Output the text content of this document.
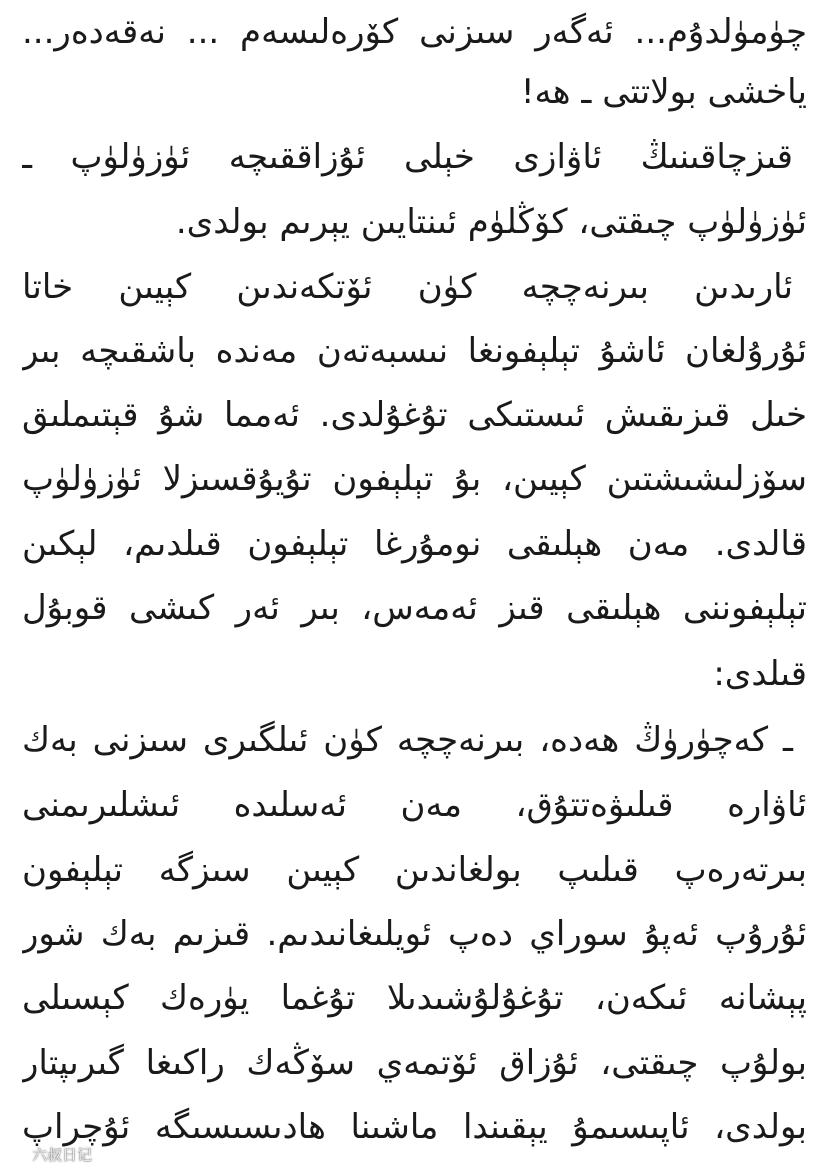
چۈمۈلدۇم... ئەگەر سىزنى كۆرەلىسەم ... نەقەدەر...
ياخشى بولاتتى ـ ھە!
قىزچاقىنىڭ ئاۋازى خېلى ئۇزاققىچە ئۈزۈلۈپ ـ
ئۈزۈلۈپ چىقتى، كۆڭلۈم ئىنتايىن يېرىم بولدى.
ئارىدىن بىرنەچچە كۈن ئۆتكەندىن كېيىن خاتا
ئۇرۇلغان ئاشۇ تېلېفونغا نىسبەتەن مەندە باشقىچە بىر
خىل قىزىقىش ئىستىكى تۇغۇلدى. ئەمما شۇ قېتىملىق
سۆزلىشىشتىن كېيىن، بۇ تېلېفون تۇيۇقسىزلا ئۈزۈلۈپ
قالدى. مەن ھېلىقى نومۇرغا تېلېفون قىلدىم، لېكىن
تېلېفوننى ھېلىقى قىز ئەمەس، بىر ئەر كىشى قوبۇل
قىلدى:
ـ كەچۈرۈڭ ھەدە، بىرنەچچە كۈن ئىلگىرى سىزنى بەك
ئاۋارە قىلىۋەتتۇق، مەن ئەسلىدە ئىشلىرىمنى
بىرتەرەپ قىلىپ بولغاندىن كېيىن سىزگە تېلېفون
ئۇرۇپ ئەپۇ سوراي دەپ ئويلىغانىدىم. قىزىم بەك شور
پېشانە ئىكەن، تۇغۇلۇشىدىلا تۇغما يۈرەك كېسىلى
بولۇپ چىقتى، ئۇزاق ئۆتمەي سۆڭەك راكىغا گىرىپتار
بولدى، ئاپىسىمۇ يېقىندا ماشىنا ھادىسىسىگە ئۇچراپ
六叔日记
